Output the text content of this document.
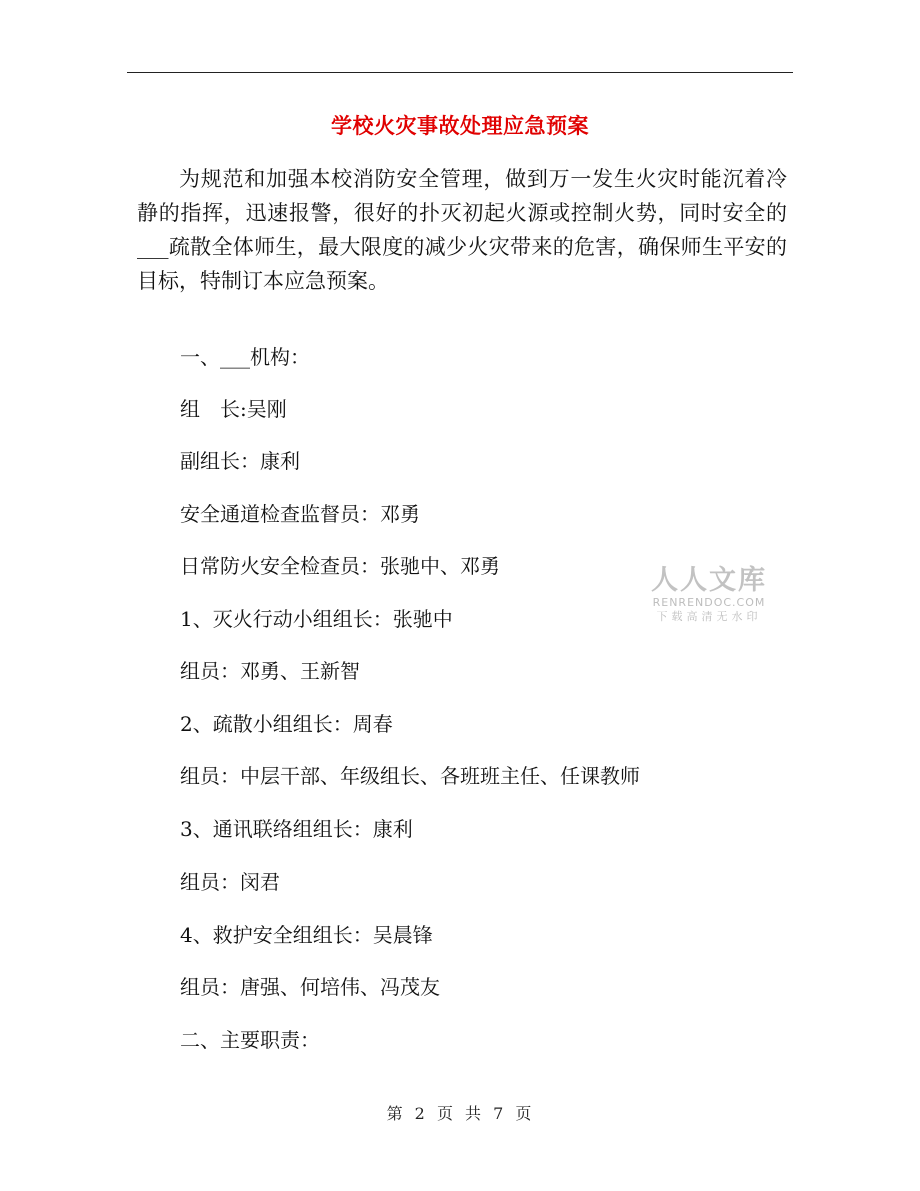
学校火灾事故处理应急预案

为规范和加强本校消防安全管理，做到万一发生火灾时能沉着冷静的指挥，迅速报警，很好的扑灭初起火源或控制火势，同时安全的___疏散全体师生，最大限度的减少火灾带来的危害，确保师生平安的目标，特制订本应急预案。

一、___机构：

组　长:吴刚

副组长：康利

安全通道检查监督员：邓勇

日常防火安全检查员：张驰中、邓勇

1、灭火行动小组组长：张驰中

组员：邓勇、王新智

2、疏散小组组长：周春

组员：中层干部、年级组长、各班班主任、任课教师

3、通讯联络组组长：康利

组员：闵君

4、救护安全组组长：吴晨锋

组员：唐强、何培伟、冯茂友

二、主要职责：

人人文库
RENRENDOC.COM
下载高清无水印
第 2 页 共 7 页
